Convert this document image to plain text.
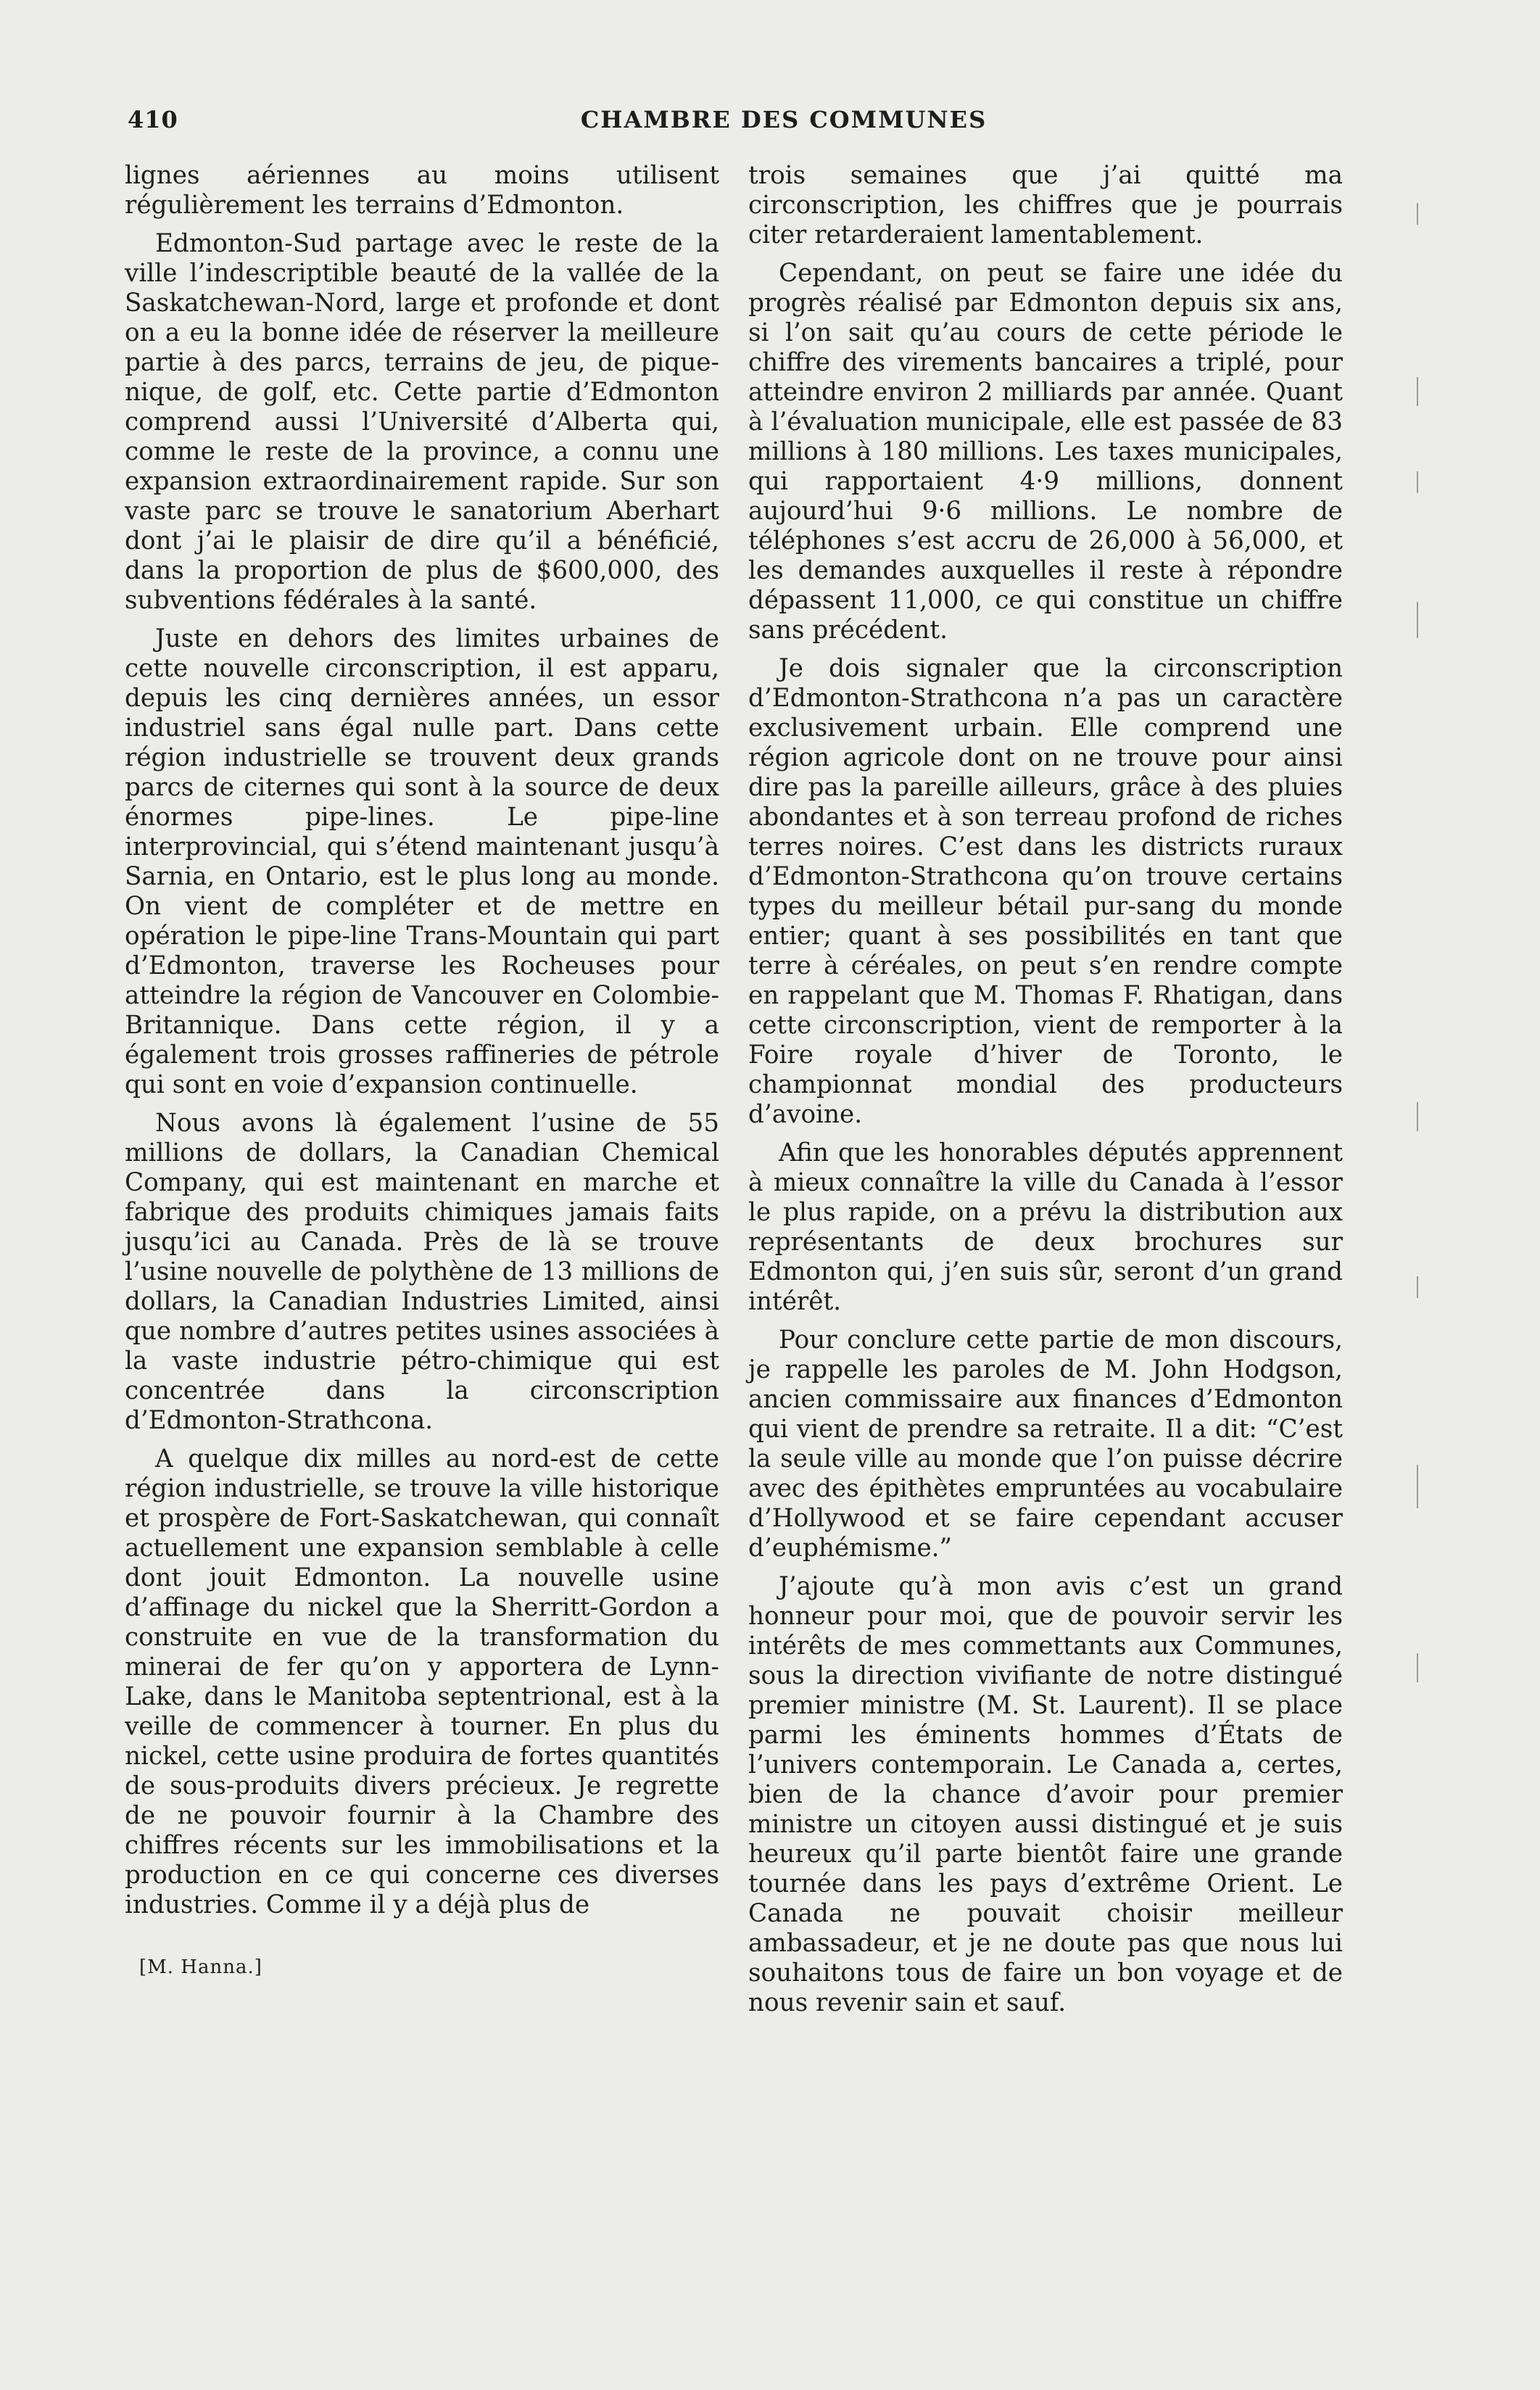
410	CHAMBRE DES COMMUNES

lignes aériennes au moins utilisent régulièrement les terrains d’Edmonton.

Edmonton-Sud partage avec le reste de la ville l’indescriptible beauté de la vallée de la Saskatchewan-Nord, large et profonde et dont on a eu la bonne idée de réserver la meilleure partie à des parcs, terrains de jeu, de pique-nique, de golf, etc. Cette partie d’Edmonton comprend aussi l’Université d’Alberta qui, comme le reste de la province, a connu une expansion extraordinairement rapide. Sur son vaste parc se trouve le sanatorium Aberhart dont j’ai le plaisir de dire qu’il a bénéficié, dans la proportion de plus de $600,000, des subventions fédérales à la santé.

Juste en dehors des limites urbaines de cette nouvelle circonscription, il est apparu, depuis les cinq dernières années, un essor industriel sans égal nulle part. Dans cette région industrielle se trouvent deux grands parcs de citernes qui sont à la source de deux énormes pipe-lines. Le pipe-line interprovincial, qui s’étend maintenant jusqu’à Sarnia, en Ontario, est le plus long au monde. On vient de compléter et de mettre en opération le pipe-line Trans-Mountain qui part d’Edmonton, traverse les Rocheuses pour atteindre la région de Vancouver en Colombie-Britannique. Dans cette région, il y a également trois grosses raffineries de pétrole qui sont en voie d’expansion continuelle.

Nous avons là également l’usine de 55 millions de dollars, la Canadian Chemical Company, qui est maintenant en marche et fabrique des produits chimiques jamais faits jusqu’ici au Canada. Près de là se trouve l’usine nouvelle de polythène de 13 millions de dollars, la Canadian Industries Limited, ainsi que nombre d’autres petites usines associées à la vaste industrie pétro-chimique qui est concentrée dans la circonscription d’Edmonton-Strathcona.

A quelque dix milles au nord-est de cette région industrielle, se trouve la ville historique et prospère de Fort-Saskatchewan, qui connaît actuellement une expansion semblable à celle dont jouit Edmonton. La nouvelle usine d’affinage du nickel que la Sherritt-Gordon a construite en vue de la transformation du minerai de fer qu’on y apportera de Lynn-Lake, dans le Manitoba septentrional, est à la veille de commencer à tourner. En plus du nickel, cette usine produira de fortes quantités de sous-produits divers précieux. Je regrette de ne pouvoir fournir à la Chambre des chiffres récents sur les immobilisations et la production en ce qui concerne ces diverses industries. Comme il y a déjà plus de

[M. Hanna.]

trois semaines que j’ai quitté ma circonscription, les chiffres que je pourrais citer retarderaient lamentablement.

Cependant, on peut se faire une idée du progrès réalisé par Edmonton depuis six ans, si l’on sait qu’au cours de cette période le chiffre des virements bancaires a triplé, pour atteindre environ 2 milliards par année. Quant à l’évaluation municipale, elle est passée de 83 millions à 180 millions. Les taxes municipales, qui rapportaient 4·9 millions, donnent aujourd’hui 9·6 millions. Le nombre de téléphones s’est accru de 26,000 à 56,000, et les demandes auxquelles il reste à répondre dépassent 11,000, ce qui constitue un chiffre sans précédent.

Je dois signaler que la circonscription d’Edmonton-Strathcona n’a pas un caractère exclusivement urbain. Elle comprend une région agricole dont on ne trouve pour ainsi dire pas la pareille ailleurs, grâce à des pluies abondantes et à son terreau profond de riches terres noires. C’est dans les districts ruraux d’Edmonton-Strathcona qu’on trouve certains types du meilleur bétail pur-sang du monde entier; quant à ses possibilités en tant que terre à céréales, on peut s’en rendre compte en rappelant que M. Thomas F. Rhatigan, dans cette circonscription, vient de remporter à la Foire royale d’hiver de Toronto, le championnat mondial des producteurs d’avoine.

Afin que les honorables députés apprennent à mieux connaître la ville du Canada à l’essor le plus rapide, on a prévu la distribution aux représentants de deux brochures sur Edmonton qui, j’en suis sûr, seront d’un grand intérêt.

Pour conclure cette partie de mon discours, je rappelle les paroles de M. John Hodgson, ancien commissaire aux finances d’Edmonton qui vient de prendre sa retraite. Il a dit: “C’est la seule ville au monde que l’on puisse décrire avec des épithètes empruntées au vocabulaire d’Hollywood et se faire cependant accuser d’euphémisme.”

J’ajoute qu’à mon avis c’est un grand honneur pour moi, que de pouvoir servir les intérêts de mes commettants aux Communes, sous la direction vivifiante de notre distingué premier ministre (M. St. Laurent). Il se place parmi les éminents hommes d’États de l’univers contemporain. Le Canada a, certes, bien de la chance d’avoir pour premier ministre un citoyen aussi distingué et je suis heureux qu’il parte bientôt faire une grande tournée dans les pays d’extrême Orient. Le Canada ne pouvait choisir meilleur ambassadeur, et je ne doute pas que nous lui souhaitons tous de faire un bon voyage et de nous revenir sain et sauf.
